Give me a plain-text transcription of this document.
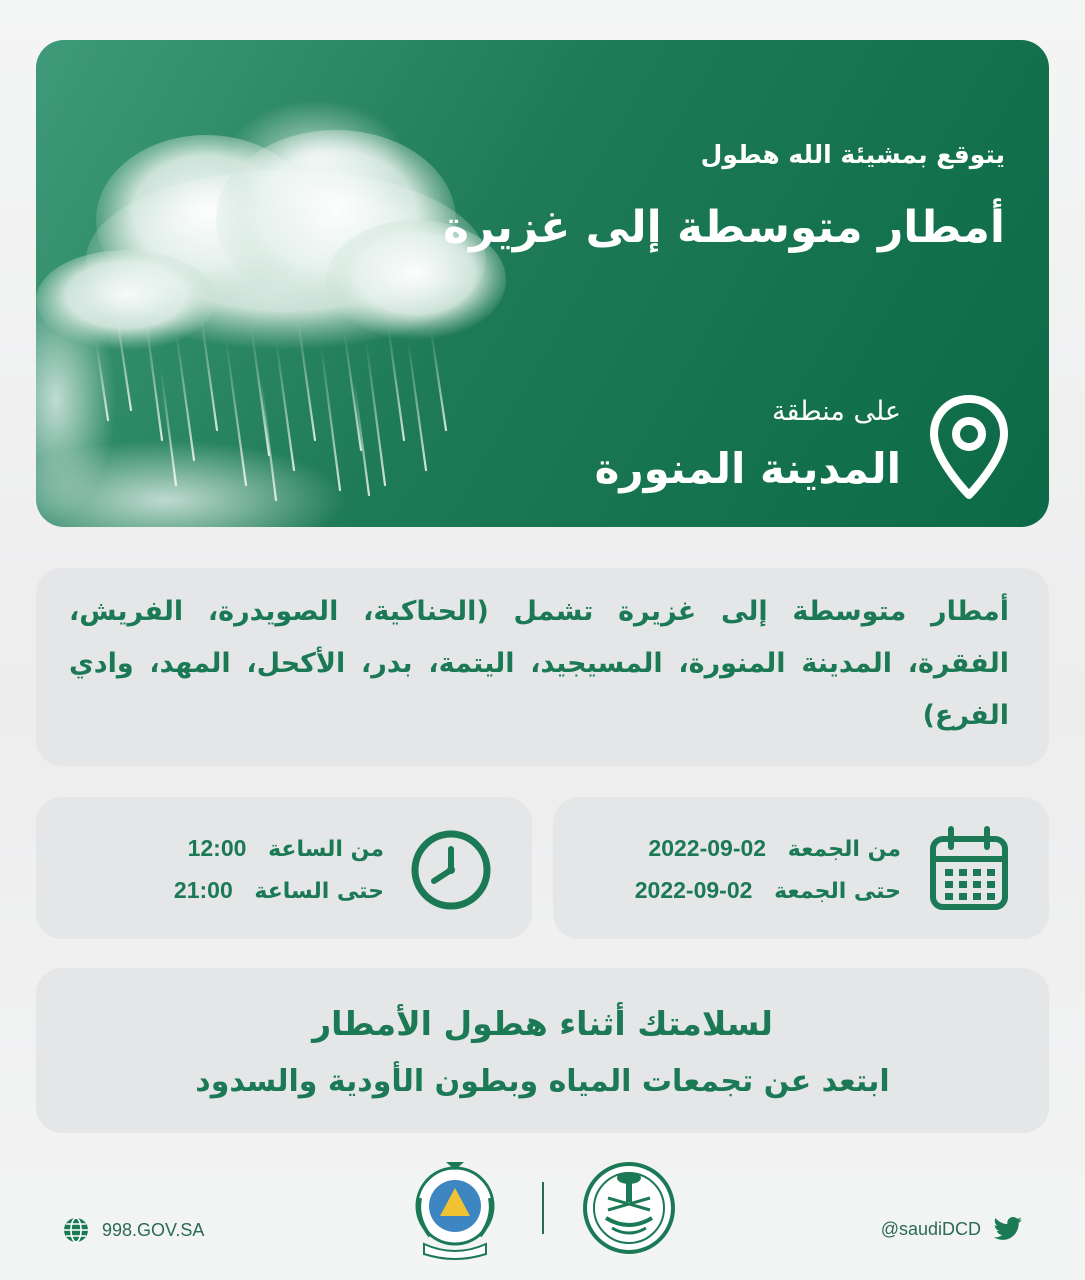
يتوقع بمشيئة الله هطول

أمطار متوسطة إلى غزيرة

على منطقة

المدينة المنورة

أمطار متوسطة إلى غزيرة تشمل (الحناكية، الصويدرة، الفريش، الفقرة، المدينة المنورة، المسيجيد، اليتمة، بدر، الأكحل، المهد، وادي الفرع)

من الجمعة 2022-09-02

حتى الجمعة 2022-09-02

من الساعة 12:00

حتى الساعة 21:00

لسلامتك أثناء هطول الأمطار

ابتعد عن تجمعات المياه وبطون الأودية والسدود

998.GOV.SA	@saudiDCD
